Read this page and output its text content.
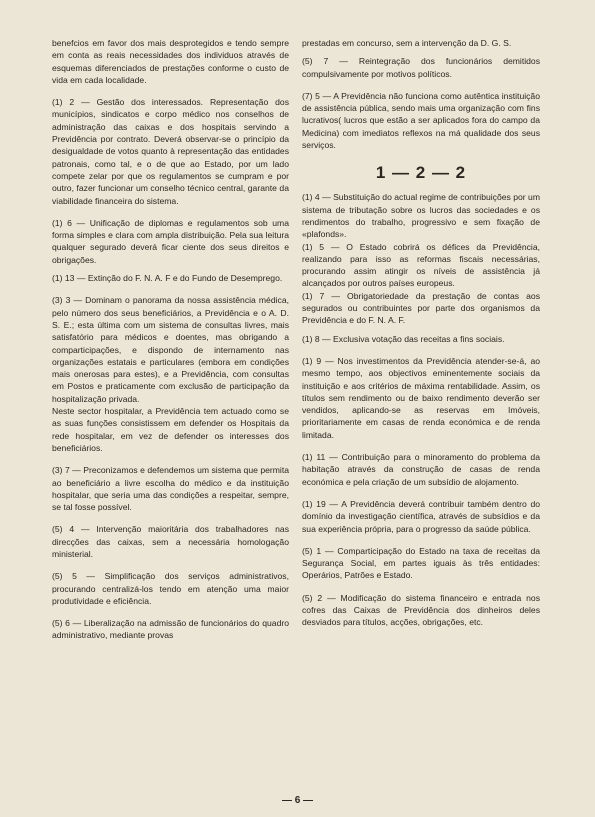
benefcios em favor dos mais desprotegidos e tendo sempre em conta as reais necessidades dos individuos através de esquemas diferenciados de prestações conforme o custo de vida em cada localidade.

(1) 2 — Gestão dos interessados. Representação dos municípios, sindicatos e corpo médico nos conselhos de administração das caixas e dos hospitais servindo a Previdência por contrato. Deverá observar-se o princípio da desigualdade de votos quanto à representação das entidades patronais, como tal, e o de que ao Estado, por um lado compete zelar por que os regulamentos se cumpram e por outro, fazer funcionar um conselho técnico central, garante da viabilidade financeira do sistema.

(1) 6 — Unificação de diplomas e regulamentos sob uma forma simples e clara com ampla distribuição. Pela sua leitura qualquer segurado deverá ficar ciente dos seus direitos e obrigações.

(1) 13 — Extinção do F. N. A. F e do Fundo de Desemprego.

(3) 3 — Dominam o panorama da nossa assistência médica, pelo número dos seus beneficiários, a Previdência e o A. D. S. E.; esta última com um sistema de consultas livres, mais satisfatório para médicos e doentes, mas obrigando a comparticipações, e dispondo de internamento nas organizações estatais e particulares (embora em condições mais onerosas para estes), e a Previdência, com consultas em Postos e praticamente com exclusão de participação da hospitalização privada.

Neste sector hospitalar, a Previdência tem actuado como se as suas funções consistissem em defender os Hospitais da rede hospitalar, em vez de defender os interesses dos beneficiários.

(3) 7 — Preconizamos e defendemos um sistema que permita ao beneficiário a livre escolha do médico e da instituição hospitalar, que seria uma das condições a respeitar, sempre, se tal fosse possível.

(5) 4 — Intervenção maioritária dos trabalhadores nas direcções das caixas, sem a necessária homologação ministerial.

(5) 5 — Simplificação dos serviços administrativos, procurando centralizá-los tendo em atenção uma maior produtividade e eficiência.

(5) 6 — Liberalização na admissão de funcionários do quadro administrativo, mediante provas

prestadas em concurso, sem a intervenção da D. G. S.

(5) 7 — Reintegração dos funcionários demitidos compulsivamente por motivos políticos.

(7) 5 — A Previdência não funciona como autêntica instituição de assistência pública, sendo mais uma organização com fins lucrativos( lucros que estão a ser aplicados fora do campo da Medicina) com imediatos reflexos na má qualidade dos seus serviços.

1 — 2 — 2

(1) 4 — Substituição do actual regime de contribuições por um sistema de tributação sobre os lucros das sociedades e os rendimentos do trabalho, progressivo e sem fixação de «plafonds».

(1) 5 — O Estado cobrirá os défices da Previdência, realizando para isso as reformas fiscais necessárias, procurando assim atingir os níveis de assistência já alcançados por outros países europeus.

(1) 7 — Obrigatoriedade da prestação de contas aos segurados ou contribuintes por parte dos organismos da Previdência e do F. N. A. F.

(1) 8 — Exclusiva votação das receitas a fins sociais.

(1) 9 — Nos investimentos da Previdência atender-se-á, ao mesmo tempo, aos objectivos eminentemente sociais da instituição e aos critérios de máxima rentabilidade. Assim, os títulos sem rendimento ou de baixo rendimento deverão ser vendidos, aplicando-se as reservas em Imóveis, prioritariamente em casas de renda económica e de renda limitada.

(1) 11 — Contribuição para o minoramento do problema da habitação através da construção de casas de renda económica e pela criação de um subsídio de alojamento.

(1) 19 — A Previdência deverá contribuir também dentro do domínio da investigação científica, através de subsídios e da sua experiência própria, para o progresso da saúde pública.

(5) 1 — Comparticipação do Estado na taxa de receitas da Segurança Social, em partes iguais às três entidades: Operários, Patrões e Estado.

(5) 2 — Modificação do sistema financeiro e entrada nos cofres das Caixas de Previdência dos dinheiros deles desviados para títulos, acções, obrigações, etc.

— 6 —
